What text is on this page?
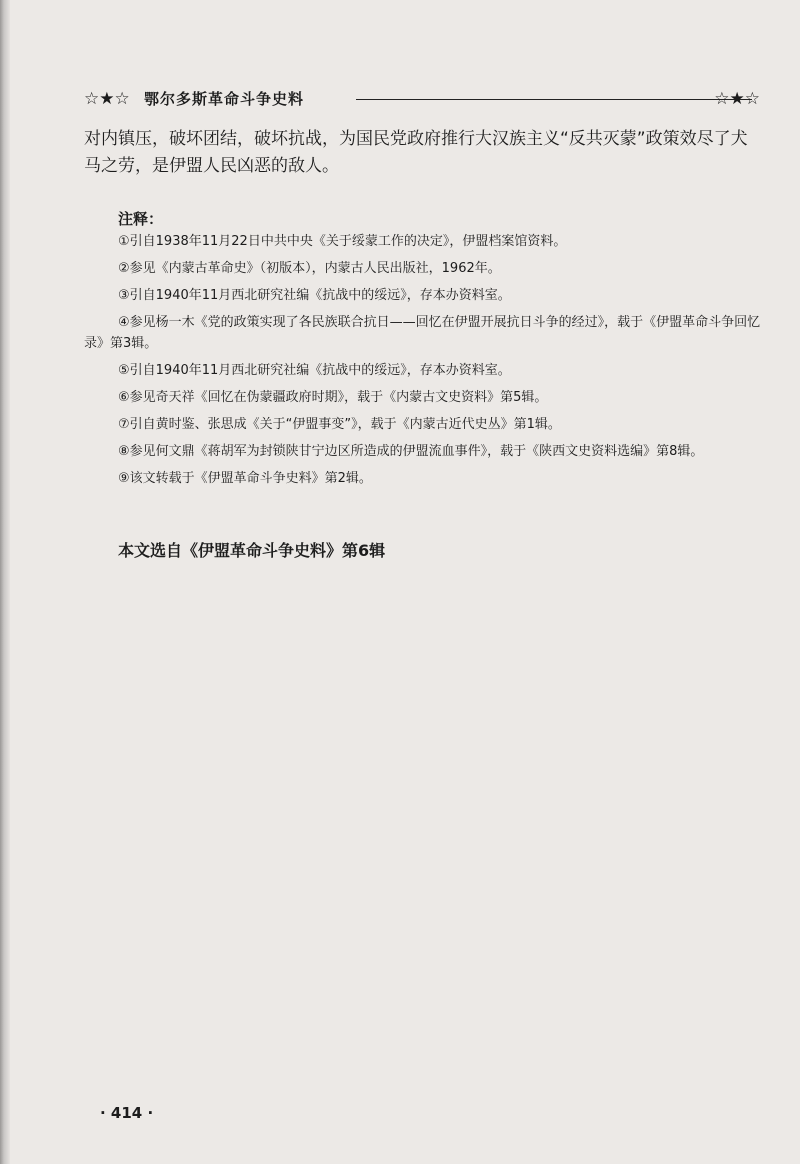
☆★☆ 鄂尔多斯革命斗争史料	☆★☆

对内镇压，破坏团结，破坏抗战，为国民党政府推行大汉族主义“反共灭蒙”政策效尽了犬马之劳，是伊盟人民凶恶的敌人。

注释：

①引自1938年11月22日中共中央《关于绥蒙工作的决定》，伊盟档案馆资料。

②参见《内蒙古革命史》（初版本），内蒙古人民出版社，1962年。

③引自1940年11月西北研究社编《抗战中的绥远》，存本办资料室。

④参见杨一木《党的政策实现了各民族联合抗日——回忆在伊盟开展抗日斗争的经过》，载于《伊盟革命斗争回忆录》第3辑。

⑤引自1940年11月西北研究社编《抗战中的绥远》，存本办资料室。

⑥参见奇天祥《回忆在伪蒙疆政府时期》，载于《内蒙古文史资料》第5辑。

⑦引自黄时鉴、张思成《关于“伊盟事变”》，载于《内蒙古近代史丛》第1辑。

⑧参见何文鼎《蒋胡军为封锁陕甘宁边区所造成的伊盟流血事件》，载于《陕西文史资料选编》第8辑。

⑨该文转载于《伊盟革命斗争史料》第2辑。

本文选自《伊盟革命斗争史料》第6辑
· 414 ·
